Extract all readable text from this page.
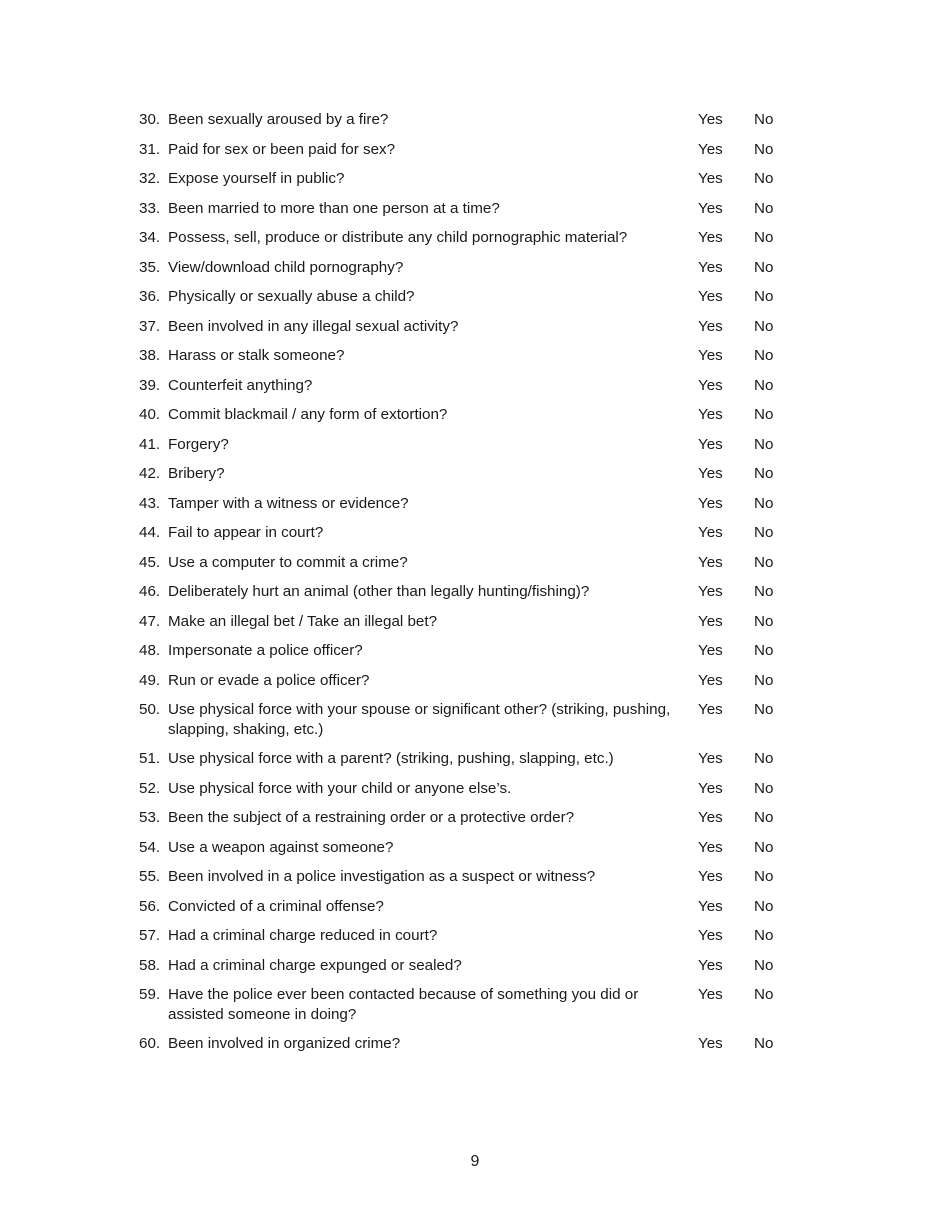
30. Been sexually aroused by a fire?	Yes	No
31. Paid for sex or been paid for sex?	Yes	No
32. Expose yourself in public?	Yes	No
33. Been married to more than one person at a time?	Yes	No
34. Possess, sell, produce or distribute any child pornographic material?	Yes	No
35. View/download child pornography?	Yes	No
36. Physically or sexually abuse a child?	Yes	No
37. Been involved in any illegal sexual activity?	Yes	No
38. Harass or stalk someone?	Yes	No
39. Counterfeit anything?	Yes	No
40. Commit blackmail / any form of extortion?	Yes	No
41. Forgery?	Yes	No
42. Bribery?	Yes	No
43. Tamper with a witness or evidence?	Yes	No
44. Fail to appear in court?	Yes	No
45. Use a computer to commit a crime?	Yes	No
46. Deliberately hurt an animal (other than legally hunting/fishing)?	Yes	No
47. Make an illegal bet / Take an illegal bet?	Yes	No
48. Impersonate a police officer?	Yes	No
49. Run or evade a police officer?	Yes	No
50. Use physical force with your spouse or significant other? (striking, pushing, slapping, shaking, etc.)
Yes	No
51. Use physical force with a parent? (striking, pushing, slapping, etc.)	Yes	No
52. Use physical force with your child or anyone else’s.	Yes	No
53. Been the subject of a restraining order or a protective order?	Yes	No
54. Use a weapon against someone?	Yes	No
55. Been involved in a police investigation as a suspect or witness?	Yes	No
56. Convicted of a criminal offense?	Yes	No
57. Had a criminal charge reduced in court?	Yes	No
58. Had a criminal charge expunged or sealed?	Yes	No
59. Have the police ever been contacted because of something you did or assisted someone in doing?
Yes	No
60. Been involved in organized crime?	Yes	No
9
